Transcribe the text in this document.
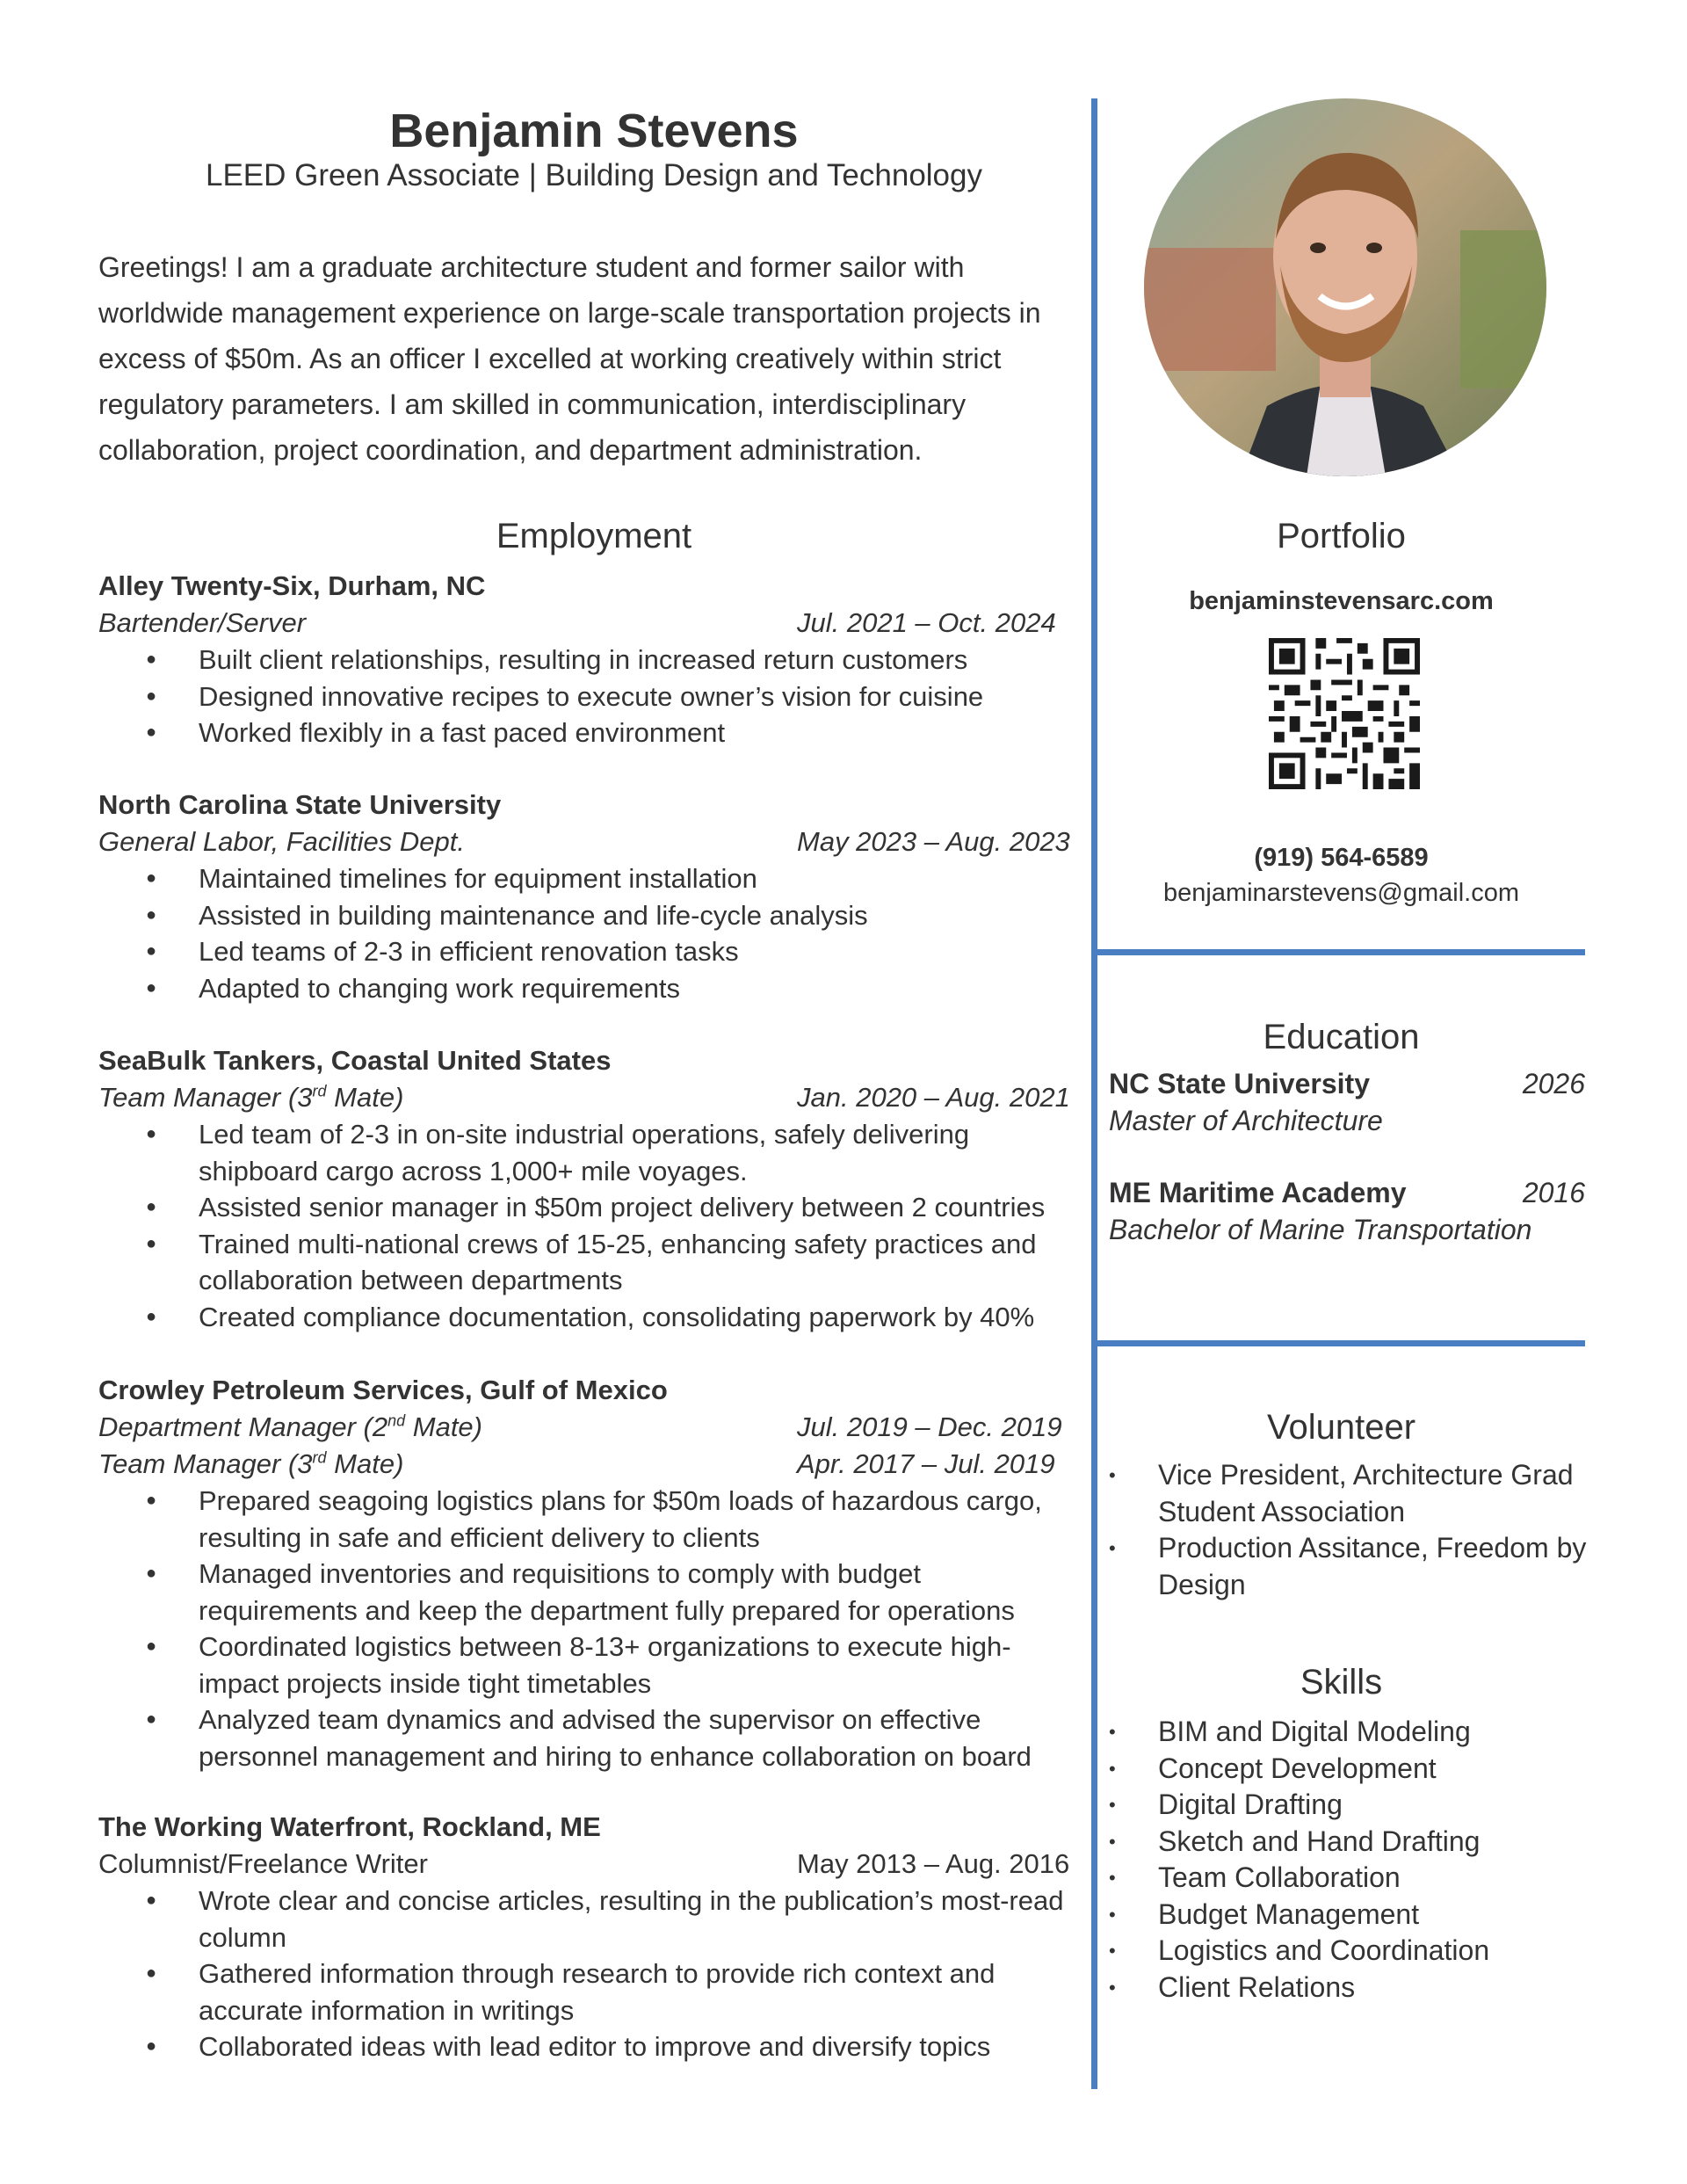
Benjamin Stevens
LEED Green Associate | Building Design and Technology
Greetings! I am a graduate architecture student and former sailor with worldwide management experience on large-scale transportation projects in excess of $50m. As an officer I excelled at working creatively within strict regulatory parameters. I am skilled in communication, interdisciplinary collaboration, project coordination, and department administration.
Employment
Alley Twenty-Six, Durham, NC
Bartender/Server	Jul. 2021 – Oct. 2024
● Built client relationships, resulting in increased return customers
● Designed innovative recipes to execute owner’s vision for cuisine
● Worked flexibly in a fast paced environment
North Carolina State University
General Labor, Facilities Dept.	May 2023 – Aug. 2023
● Maintained timelines for equipment installation
● Assisted in building maintenance and life-cycle analysis
● Led teams of 2-3 in efficient renovation tasks
● Adapted to changing work requirements
SeaBulk Tankers, Coastal United States
Team Manager (3rd Mate)	Jan. 2020 – Aug. 2021
● Led team of 2-3 in on-site industrial operations, safely delivering shipboard cargo across 1,000+ mile voyages.
● Assisted senior manager in $50m project delivery between 2 countries
● Trained multi-national crews of 15-25, enhancing safety practices and collaboration between departments
● Created compliance documentation, consolidating paperwork by 40%
Crowley Petroleum Services, Gulf of Mexico
Department Manager (2nd Mate)	Jul. 2019 – Dec. 2019
Team Manager (3rd Mate)	Apr. 2017 – Jul. 2019
● Prepared seagoing logistics plans for $50m loads of hazardous cargo, resulting in safe and efficient delivery to clients
● Managed inventories and requisitions to comply with budget requirements and keep the department fully prepared for operations
● Coordinated logistics between 8-13+ organizations to execute high-impact projects inside tight timetables
● Analyzed team dynamics and advised the supervisor on effective personnel management and hiring to enhance collaboration on board
The Working Waterfront, Rockland, ME
Columnist/Freelance Writer	May 2013 – Aug. 2016
● Wrote clear and concise articles, resulting in the publication’s most-read column
● Gathered information through research to provide rich context and accurate information in writings
● Collaborated ideas with lead editor to improve and diversify topics
Portfolio
benjaminstevensarc.com
(919) 564-6589
benjaminarstevens@gmail.com
Education
NC State University	2026
Master of Architecture
ME Maritime Academy	2016
Bachelor of Marine Transportation
Volunteer
• Vice President, Architecture Grad Student Association
• Production Assitance, Freedom by Design
Skills
• BIM and Digital Modeling
• Concept Development
• Digital Drafting
• Sketch and Hand Drafting
• Team Collaboration
• Budget Management
• Logistics and Coordination
• Client Relations
